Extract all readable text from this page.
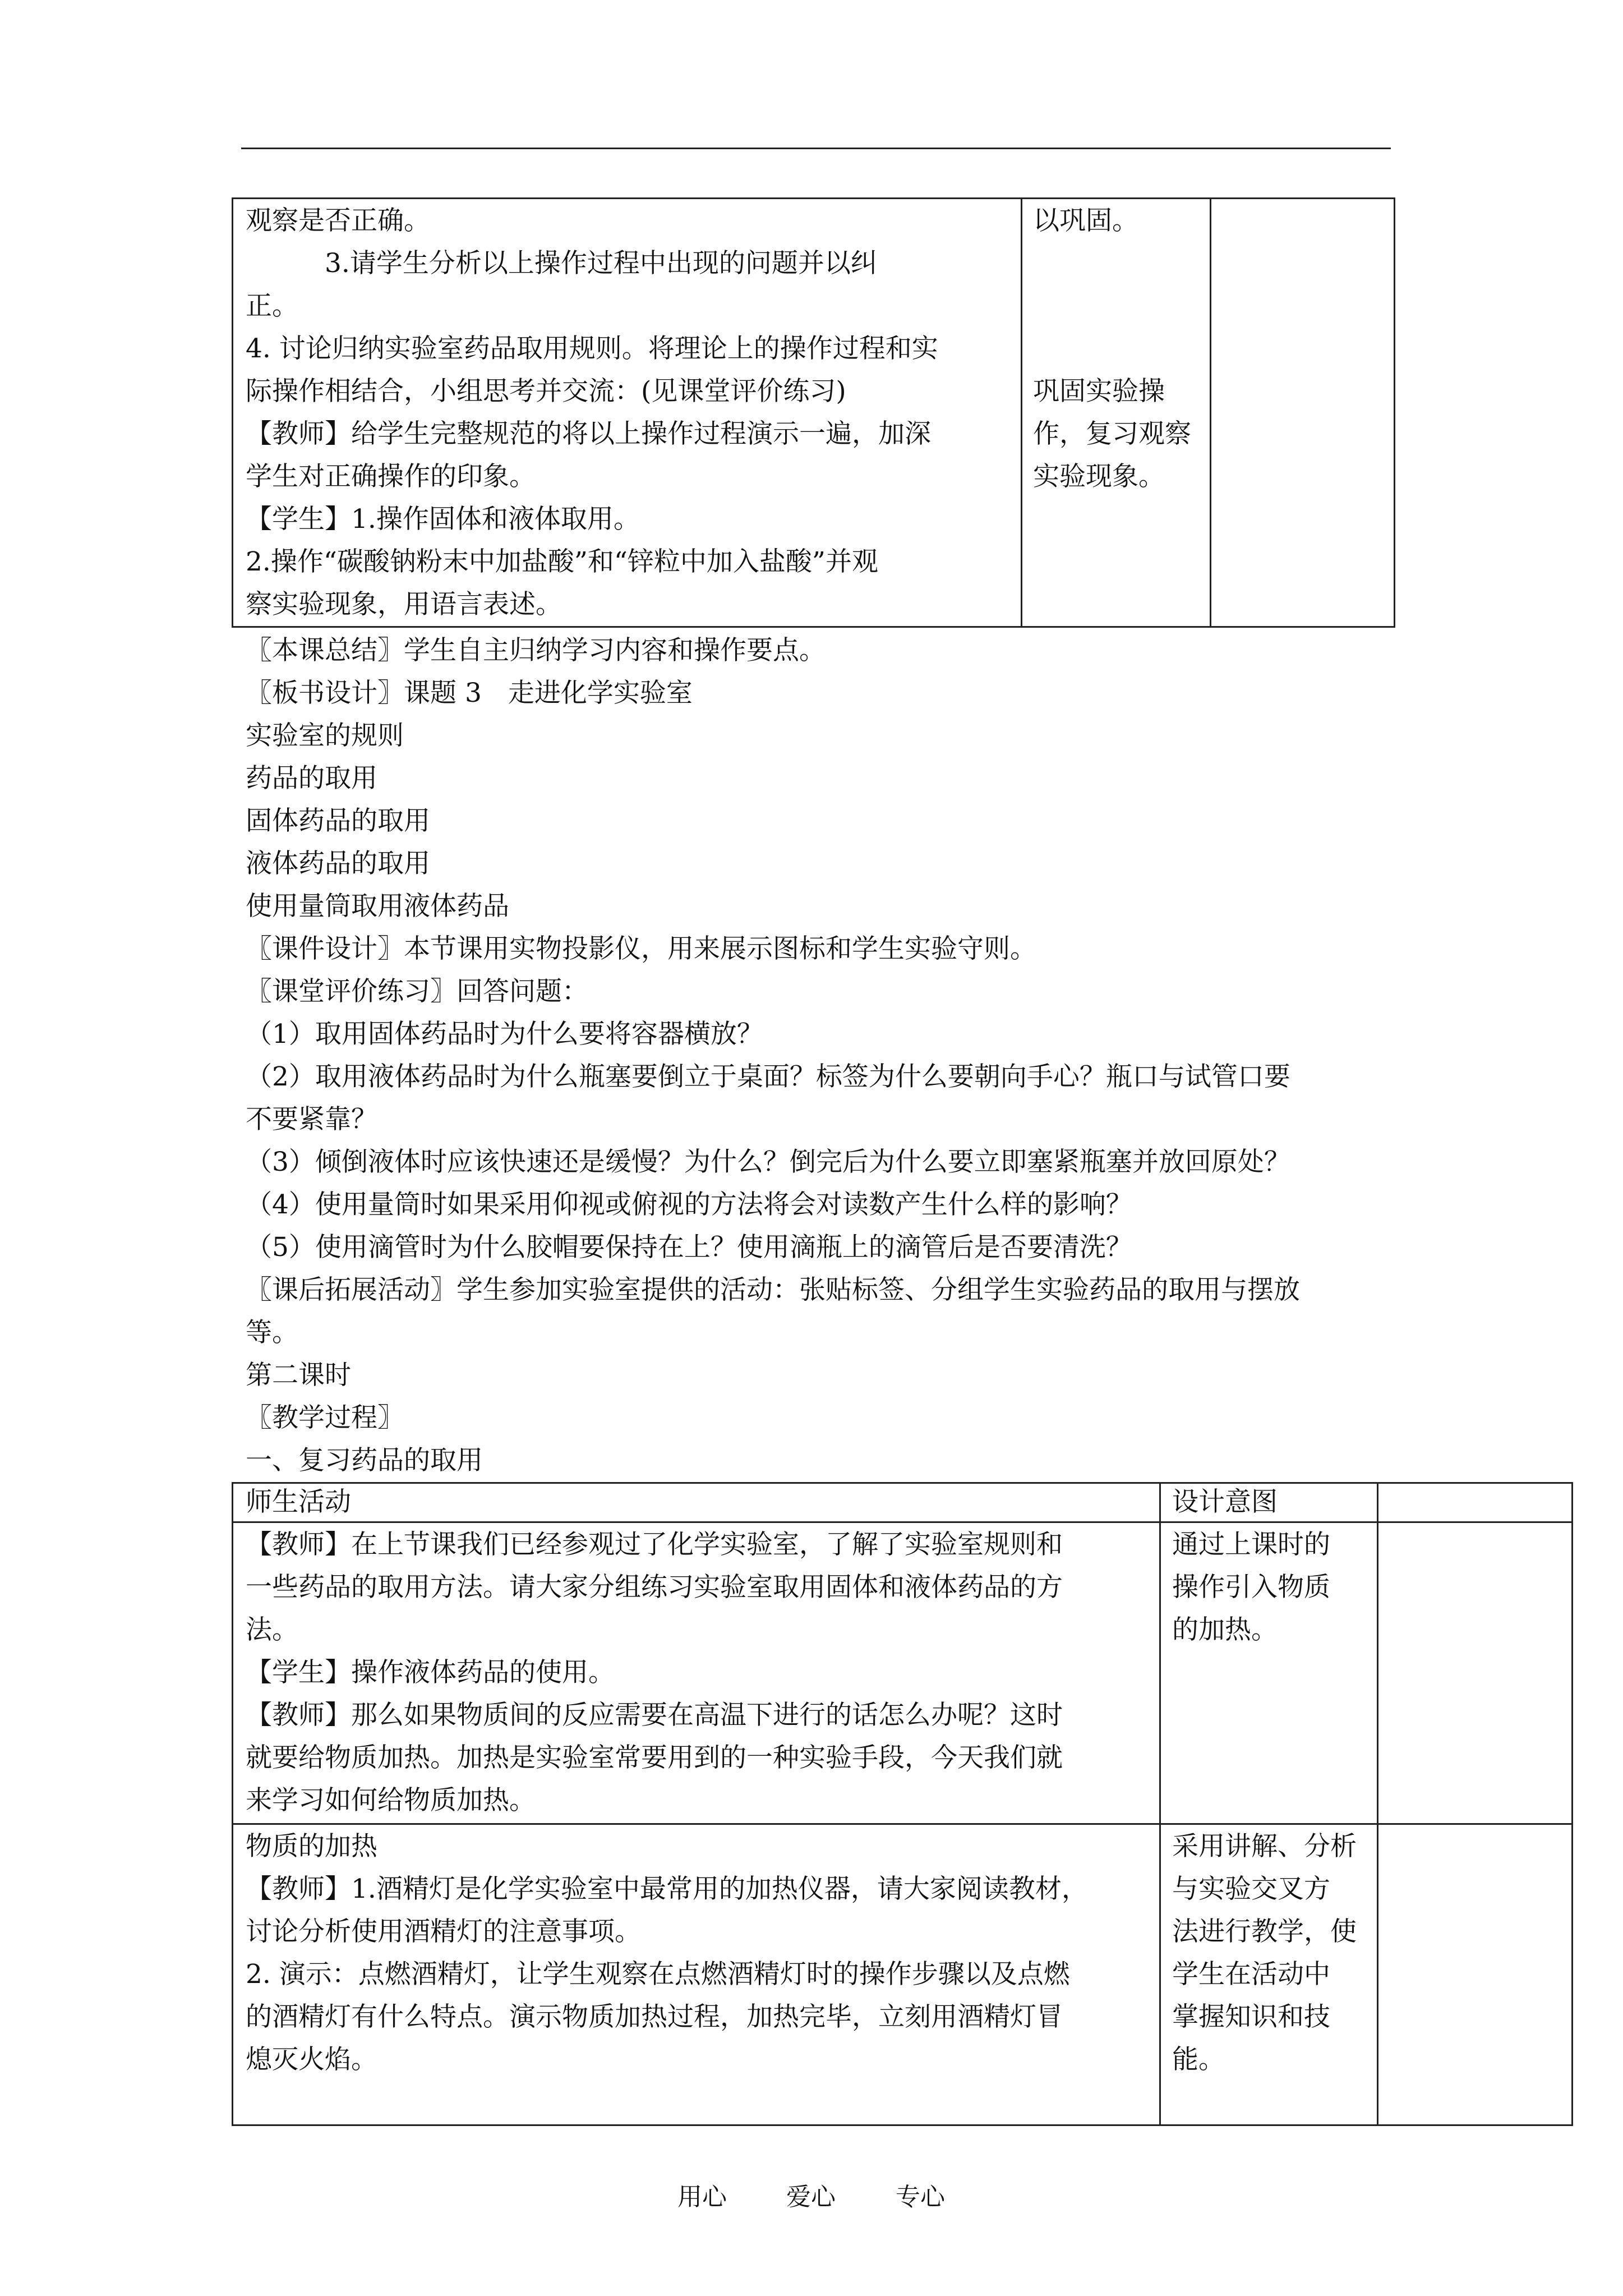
观察是否正确。
　　　3.请学生分析以上操作过程中出现的问题并以纠
正。
4. 讨论归纳实验室药品取用规则。将理论上的操作过程和实
际操作相结合，小组思考并交流：(见课堂评价练习)
【教师】给学生完整规范的将以上操作过程演示一遍，加深
学生对正确操作的印象。
【学生】1.操作固体和液体取用。
2.操作“碳酸钠粉末中加盐酸”和“锌粒中加入盐酸”并观
察实验现象，用语言表述。
以巩固。
巩固实验操
作，复习观察
实验现象。
〖本课总结〗学生自主归纳学习内容和操作要点。
〖板书设计〗课题 3　走进化学实验室
实验室的规则
药品的取用
固体药品的取用
液体药品的取用
使用量筒取用液体药品
〖课件设计〗本节课用实物投影仪，用来展示图标和学生实验守则。
〖课堂评价练习〗回答问题：
（1）取用固体药品时为什么要将容器横放？
（2）取用液体药品时为什么瓶塞要倒立于桌面？标签为什么要朝向手心？瓶口与试管口要
不要紧靠？
（3）倾倒液体时应该快速还是缓慢？为什么？倒完后为什么要立即塞紧瓶塞并放回原处？
（4）使用量筒时如果采用仰视或俯视的方法将会对读数产生什么样的影响？
（5）使用滴管时为什么胶帽要保持在上？使用滴瓶上的滴管后是否要清洗？
〖课后拓展活动〗学生参加实验室提供的活动：张贴标签、分组学生实验药品的取用与摆放
等。
第二课时
〖教学过程〗
一、复习药品的取用
师生活动	设计意图
【教师】在上节课我们已经参观过了化学实验室，了解了实验室规则和
一些药品的取用方法。请大家分组练习实验室取用固体和液体药品的方
法。
【学生】操作液体药品的使用。
【教师】那么如果物质间的反应需要在高温下进行的话怎么办呢？这时
就要给物质加热。加热是实验室常要用到的一种实验手段，今天我们就
来学习如何给物质加热。
通过上课时的
操作引入物质
的加热。
物质的加热
【教师】1.酒精灯是化学实验室中最常用的加热仪器，请大家阅读教材，
讨论分析使用酒精灯的注意事项。
2. 演示：点燃酒精灯，让学生观察在点燃酒精灯时的操作步骤以及点燃
的酒精灯有什么特点。演示物质加热过程，加热完毕，立刻用酒精灯冒
熄灭火焰。
采用讲解、分析
与实验交叉方
法进行教学，使
学生在活动中
掌握知识和技
能。
用心 爱心 专心
